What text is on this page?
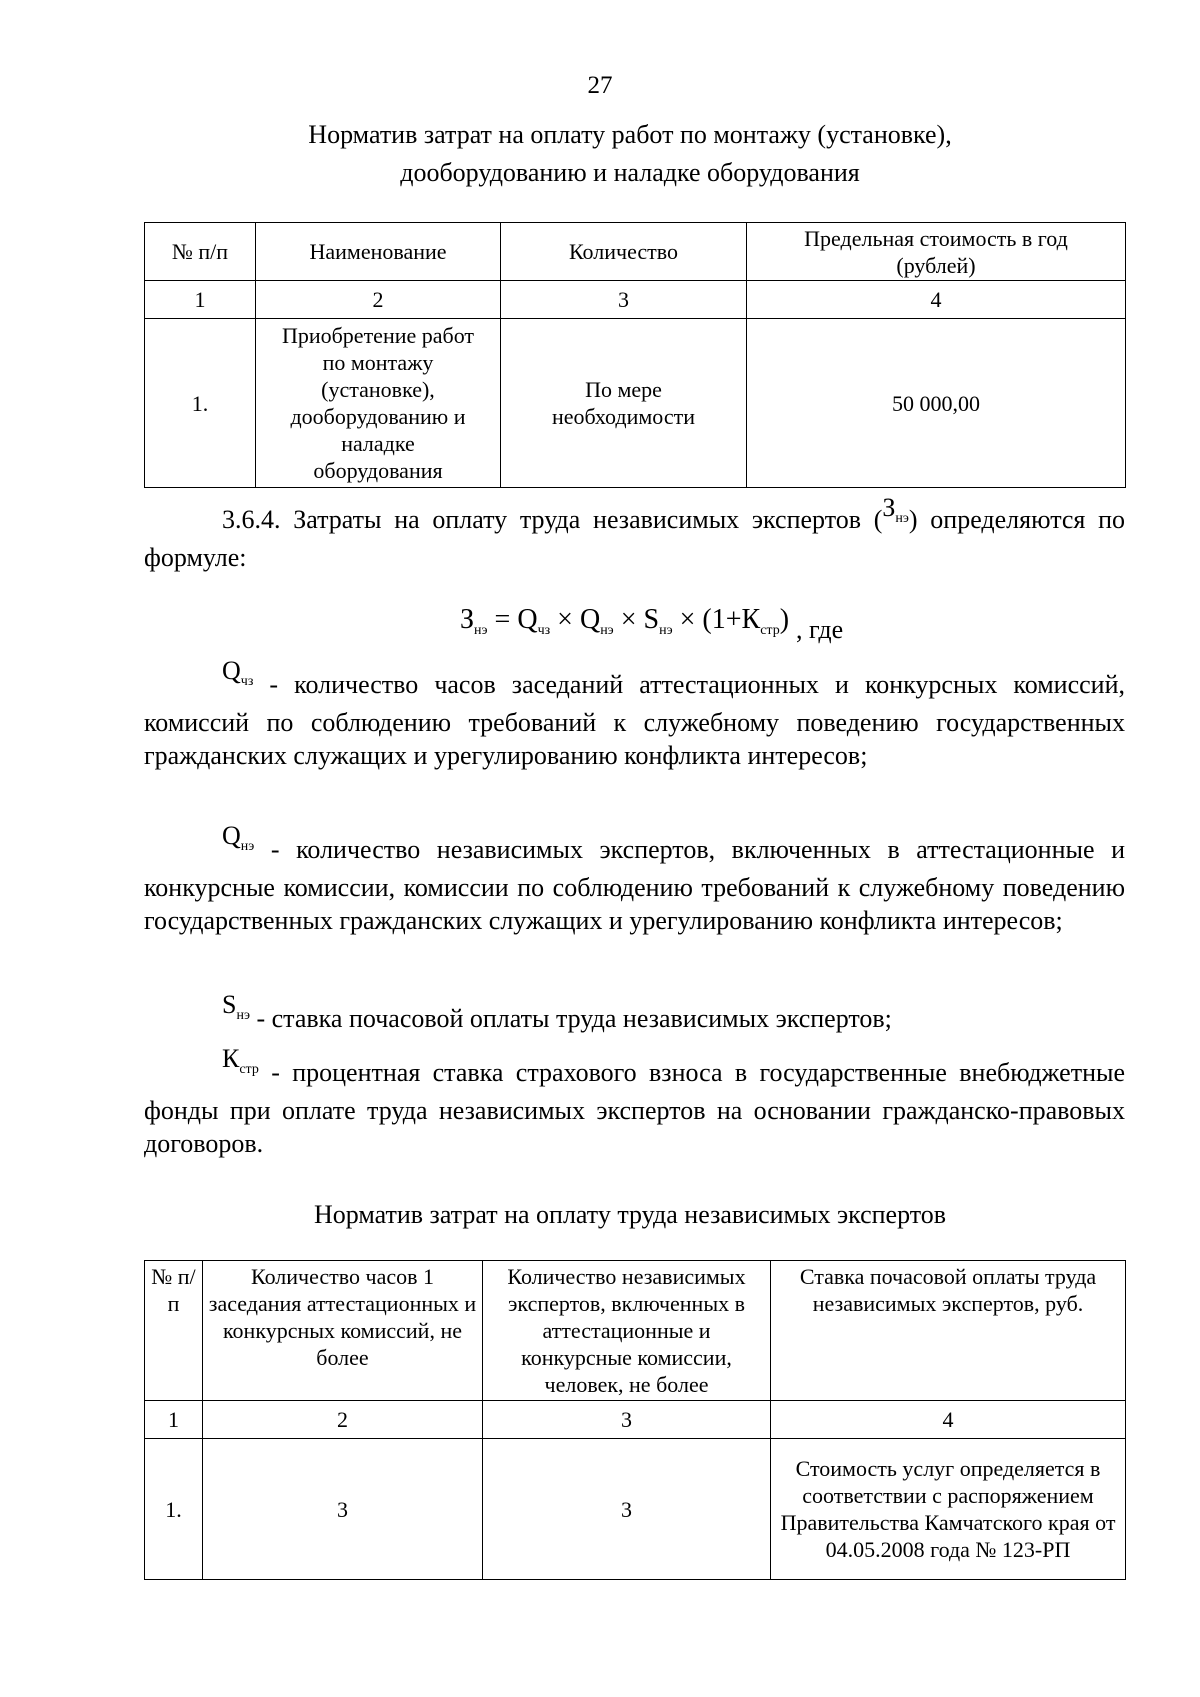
27
Норматив затрат на оплату работ по монтажу (установке),
дооборудованию и наладке оборудования
№ п/п	Наименование	Количество	Предельная стоимость в год (рублей)
1	2	3	4
1.	Приобретение работ по монтажу (установке), дооборудованию и наладке оборудования	По мере необходимости	50 000,00
3.6.4. Затраты на оплату труда независимых экспертов $(З_{нэ})$ определяются по формуле:
$З_{нэ} = Q_{чз} \times Q_{нэ} \times S_{нэ} \times (1+К_{стр})$ , где
$Q_{чз}$ - количество часов заседаний аттестационных и конкурсных комиссий, комиссий по соблюдению требований к служебному поведению государственных гражданских служащих и урегулированию конфликта интересов;
$Q_{нэ}$ - количество независимых экспертов, включенных в аттестационные и конкурсные комиссии, комиссии по соблюдению требований к служебному поведению государственных гражданских служащих и урегулированию конфликта интересов;
$S_{нэ}$ - ставка почасовой оплаты труда независимых экспертов;
$К_{стр}$ - процентная ставка страхового взноса в государственные внебюджетные фонды при оплате труда независимых экспертов на основании гражданско-правовых договоров.
Норматив затрат на оплату труда независимых экспертов
№ п/п	Количество часов 1 заседания аттестационных и конкурсных комиссий, не более	Количество независимых экспертов, включенных в аттестационные и конкурсные комиссии, человек, не более	Ставка почасовой оплаты труда независимых экспертов, руб.
1	2	3	4
1.	3	3	Стоимость услуг определяется в соответствии с распоряжением Правительства Камчатского края от 04.05.2008 года № 123-РП
